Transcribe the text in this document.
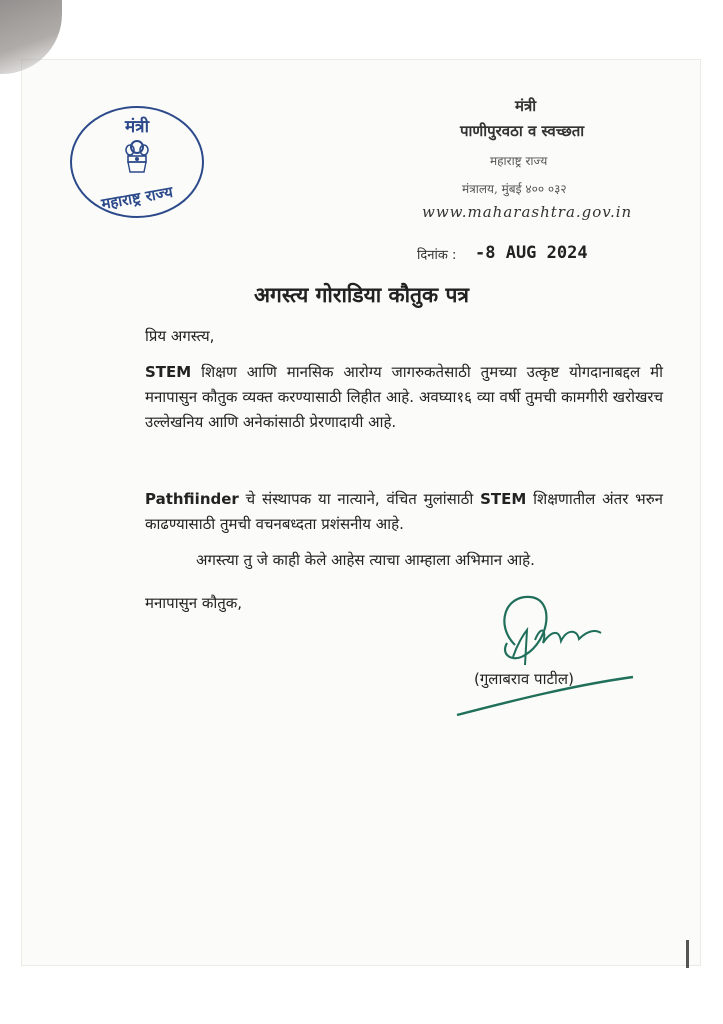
मंत्री
महाराष्ट्र राज्य
मंत्री
पाणीपुरवठा व स्वच्छता
महाराष्ट्र राज्य
मंत्रालय, मुंबई ४०० ०३२
www.maharashtra.gov.in
दिनांक : -8 AUG 2024
अगस्त्य गोराडिया कौतुक पत्र
प्रिय अगस्त्य,
STEM शिक्षण आणि मानसिक आरोग्य जागरुकतेसाठी तुमच्या उत्कृष्ट योगदानाबद्दल मी मनापासुन कौतुक व्यक्त करण्यासाठी लिहीत आहे. अवघ्या१६ व्या वर्षी तुमची कामगीरी खरोखरच उल्लेखनिय आणि अनेकांसाठी प्रेरणादायी आहे.
Pathfiinder चे संस्थापक या नात्याने, वंचित मुलांसाठी STEM शिक्षणातील अंतर भरुन काढण्यासाठी तुमची वचनबध्दता प्रशंसनीय आहे.
अगस्त्या तु जे काही केले आहेस त्याचा आम्हाला अभिमान आहे.
मनापासुन कौतुक,
(गुलाबराव पाटील)
